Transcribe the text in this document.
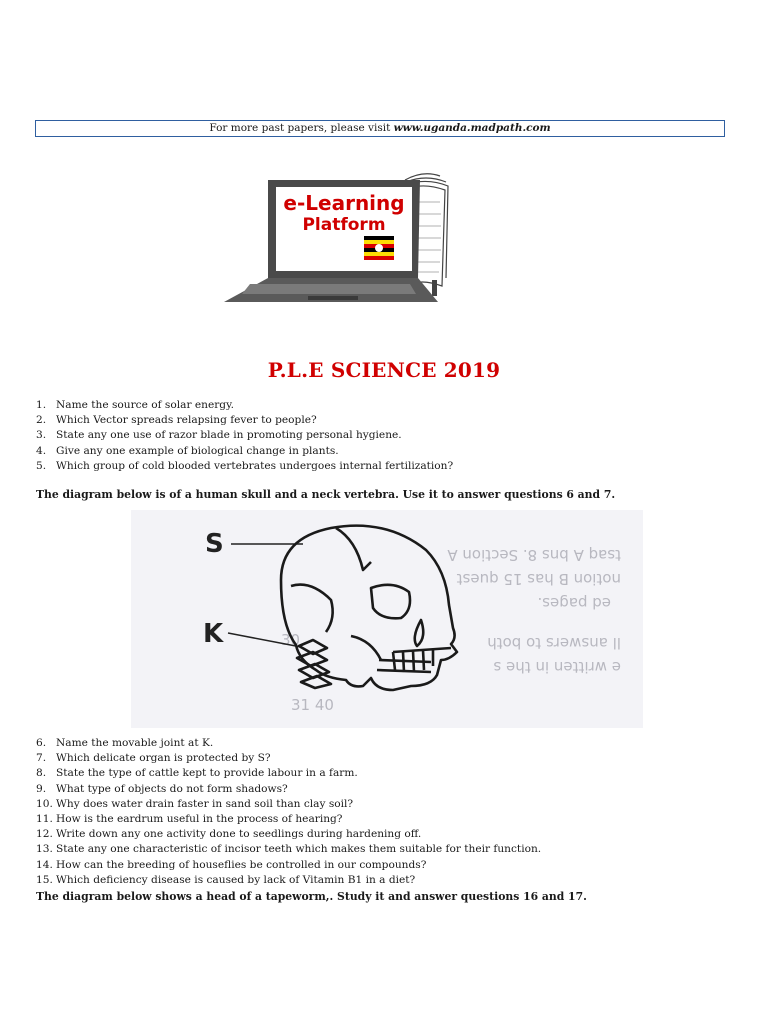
For more past papers, please visit www.uganda.madpath.com
e-Learning
Platform
P.L.E SCIENCE 2019
1. Name the source of solar energy.
2. Which Vector spreads relapsing fever to people?
3. State any one use of razor blade in promoting personal hygiene.
4. Give any one example of biological change in plants.
5. Which group of cold blooded vertebrates undergoes internal fertilization?
The diagram below is of a human skull and a neck vertebra. Use it to answer questions 6 and 7.
tsaq A bns 8. Section A
notion B has 15 quest
ed pages.
ll answers to both
e written in the s
30
31 40
S
K
6. Name the movable joint at K.
7. Which delicate organ is protected by S?
8. State the type of cattle kept to provide labour in a farm.
9. What type of objects do not form shadows?
10. Why does water drain faster in sand soil than clay soil?
11. How is the eardrum useful in the process of hearing?
12. Write down any one activity done to seedlings during hardening off.
13. State any one characteristic of incisor teeth which makes them suitable for their function.
14. How can the breeding of houseflies be controlled in our compounds?
15. Which deficiency disease is caused by lack of Vitamin B1 in a diet?
The diagram below shows a head of a tapeworm,. Study it and answer questions 16 and 17.
